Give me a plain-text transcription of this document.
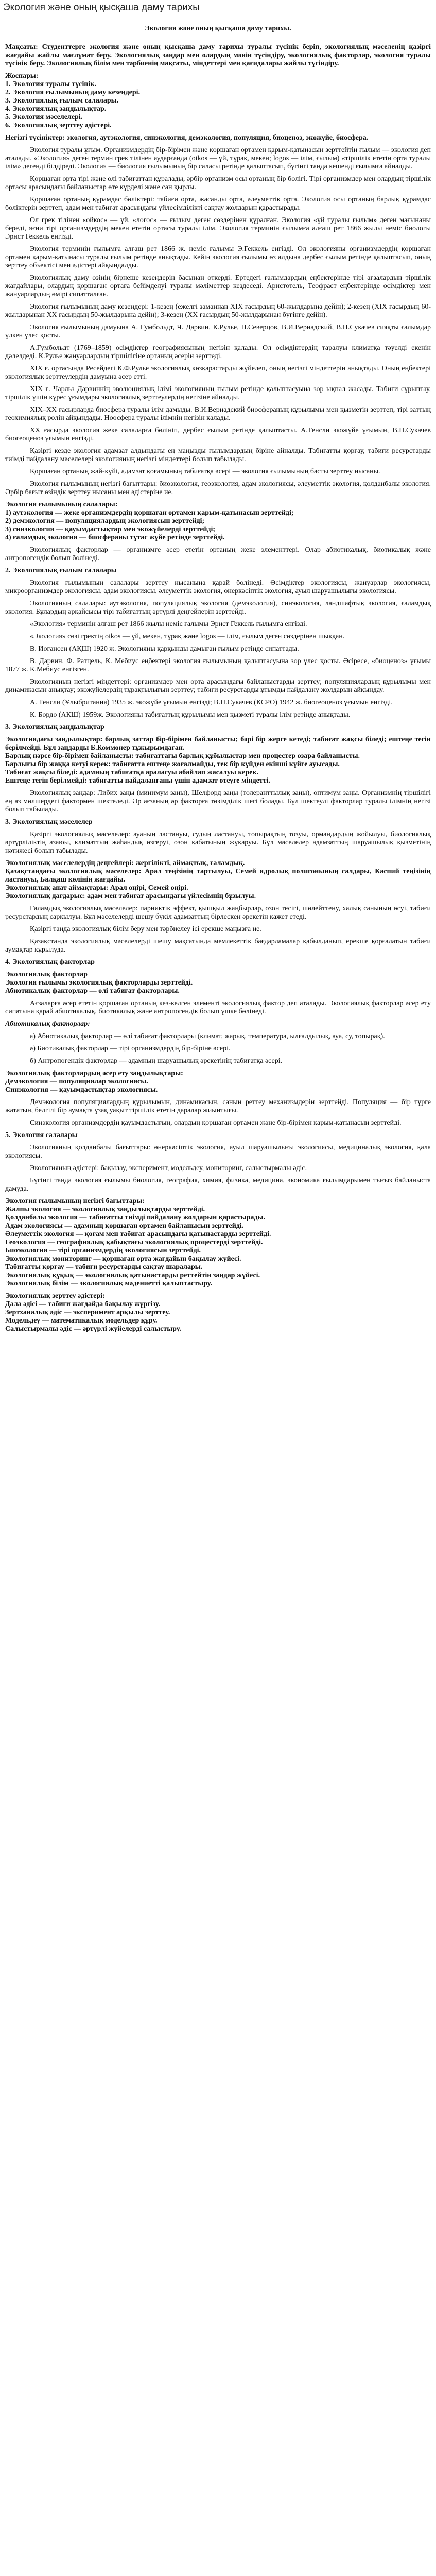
Экология және оның қысқаша даму тарихы
Экология және оның қысқаша даму тарихы.
Мақсаты: Студенттерге экология және оның қысқаша даму тарихы туралы түсінік беріп, экологиялық мәселенің қазіргі жағдайы жайлы мағлұмат беру. Экологиялық заңдар мен олардың мәнін түсіндіру, экологиялық факторлар, экология туралы түсінік беру. Экологиялық білім мен тәрбиенің мақсаты, міндеттері мен қағидалары жайлы түсіндіру.
Жоспары:
1. Экология туралы түсінік.
2. Экология ғылымының даму кезеңдері.
3. Экологиялық ғылым салалары.
4. Экологиялық заңдылықтар.
5. Экология мәселелері.
6. Экологиялық зерттеу әдістері.
Негізгі түсініктер: экология, аутэкология, синэкология, демэкология, популяция, биоценоз, экожүйе, биосфера.
Экология туралы ұғым. Организмдердің бір-бірімен және қоршаған ортамен қарым-қатынасын зерттейтін ғылым — экология деп аталады. «Экология» деген термин грек тілінен аударғанда (oikos — үй, тұрақ, мекен; logos — ілім, ғылым) «тіршілік ететін орта туралы ілім» дегенді білдіреді. Экология — биология ғылымының бір саласы ретінде қалыптасып, бүгінгі таңда кешенді ғылымға айналды.
Қоршаған орта тірі және өлі табиғаттан құралады, әрбір организм осы ортаның бір бөлігі. Тірі организмдер мен олардың тіршілік ортасы арасындағы байланыстар өте күрделі және сан қырлы.
Қоршаған ортаның құрамдас бөліктері: табиғи орта, жасанды орта, әлеуметтік орта. Экология осы ортаның барлық құрамдас бөліктерін зерттеп, адам мен табиғат арасындағы үйлесімділікті сақтау жолдарын қарастырады.
Ол грек тілінен «ойкос» — үй, «логос» — ғылым деген сөздерінен құралған. Экология «үй туралы ғылым» деген мағынаны береді, яғни тірі организмдердің мекен ететін ортасы туралы ілім. Экология терминін ғылымға алғаш рет 1866 жылы неміс биологы Эрнст Геккель енгізді.
Экология терминін ғылымға алғаш рет 1866 ж. неміс ғалымы Э.Геккель енгізді. Ол экологияны организмдердің қоршаған ортамен қарым-қатынасы туралы ғылым ретінде анықтады. Кейін экология ғылымы өз алдына дербес ғылым ретінде қалыптасып, оның зерттеу объектісі мен әдістері айқындалды.
Экологиялық даму өзінің бірнеше кезеңдерін басынан өткерді. Ертедегі ғалымдардың еңбектерінде тірі ағзалардың тіршілік жағдайлары, олардың қоршаған ортаға бейімделуі туралы мәліметтер кездеседі. Аристотель, Теофраст еңбектерінде өсімдіктер мен жануарлардың өмірі сипатталған.
Экология ғылымының даму кезеңдері: 1-кезең (ежелгі заманнан XIX ғасырдың 60-жылдарына дейін); 2-кезең (XIX ғасырдың 60-жылдарынан XX ғасырдың 50-жылдарына дейін); 3-кезең (XX ғасырдың 50-жылдарынан бүгінге дейін).
Экология ғылымының дамуына А. Гумбольдт, Ч. Дарвин, К.Рулье, Н.Северцов, В.И.Вернадский, В.Н.Сукачев сияқты ғалымдар үлкен үлес қосты.
А.Гумбольдт (1769–1859) өсімдіктер географиясының негізін қалады. Ол өсімдіктердің таралуы климатқа тәуелді екенін дәлелдеді. К.Рулье жануарлардың тіршілігіне ортаның әсерін зерттеді.
XIX ғ. ортасында Ресейдегі К.Ф.Рулье экологиялық көзқарастарды жүйелеп, оның негізгі міндеттерін анықтады. Оның еңбектері экологиялық зерттеулердің дамуына әсер етті.
XIX ғ. Чарльз Дарвиннің эволюциялық ілімі экологияның ғылым ретінде қалыптасуына зор ықпал жасады. Табиғи сұрыптау, тіршілік үшін күрес ұғымдары экологиялық зерттеулердің негізіне айналды.
XIX–XX ғасырларда биосфера туралы ілім дамыды. В.И.Вернадский биосфераның құрылымы мен қызметін зерттеп, тірі заттың геохимиялық рөлін айқындады. Ноосфера туралы ілімнің негізін қалады.
XX ғасырда экология жеке салаларға бөлініп, дербес ғылым ретінде қалыптасты. А.Тенсли экожүйе ұғымын, В.Н.Сукачев биогеоценоз ұғымын енгізді.
Қазіргі кезде экология адамзат алдындағы ең маңызды ғылымдардың біріне айналды. Табиғатты қорғау, табиғи ресурстарды тиімді пайдалану мәселелері экологияның негізгі міндеттері болып табылады.
Қоршаған ортаның жай-күйі, адамзат қоғамының табиғатқа әсері — экология ғылымының басты зерттеу нысаны.
Экология ғылымының негізгі бағыттары: биоэкология, геоэкология, адам экологиясы, әлеуметтік экология, қолданбалы экология. Әрбір бағыт өзіндік зерттеу нысаны мен әдістеріне ие.
Экология ғылымының салалары:
1) аутэкология — жеке организмдердің қоршаған ортамен қарым-қатынасын зерттейді;
2) демэкология — популяциялардың экологиясын зерттейді;
3) синэкология — қауымдастықтар мен экожүйелерді зерттейді;
4) ғаламдық экология — биосфераны тұтас жүйе ретінде зерттейді.
Экологиялық факторлар — организмге әсер ететін ортаның жеке элементтері. Олар абиотикалық, биотикалық және антропогендік болып бөлінеді.
2. Экологиялық ғылым салалары
Экология ғылымының салалары зерттеу нысанына қарай бөлінеді. Өсімдіктер экологиясы, жануарлар экологиясы, микроорганизмдер экологиясы, адам экологиясы, әлеуметтік экология, өнеркәсіптік экология, ауыл шаруашылығы экологиясы.
Экологияның салалары: аутэкология, популяциялық экология (демэкология), синэкология, ландшафтық экология, ғаламдық экология. Бұлардың әрқайсысы тірі табиғаттың әртүрлі деңгейлерін зерттейді.
«Экология» терминін алғаш рет 1866 жылы неміс ғалымы Эрнст Геккель ғылымға енгізді.
«Экология» сөзі гректің oikos — үй, мекен, тұрақ және logos — ілім, ғылым деген сөздерінен шыққан.
В. Иогансен (АҚШ) 1920 ж. Экологияны қарқынды дамыған ғылым ретінде сипаттады.
В. Дарвин, Ф. Ратцель, К. Мебиус еңбектері экология ғылымының қалыптасуына зор үлес қосты. Әсіресе, «биоценоз» ұғымы 1877 ж. К.Мебиус енгізген.
Экологияның негізгі міндеттері: организмдер мен орта арасындағы байланыстарды зерттеу; популяциялардың құрылымы мен динамикасын анықтау; экожүйелердің тұрақтылығын зерттеу; табиғи ресурстарды ұтымды пайдалану жолдарын айқындау.
А. Тенсли (Ұлыбритания) 1935 ж. экожүйе ұғымын енгізді; В.Н.Сукачев (КСРО) 1942 ж. биогеоценоз ұғымын енгізді.
К. Бордо (АҚШ) 1959ж. Экологияны табиғаттың құрылымы мен қызметі туралы ілім ретінде анықтады.
3. Экологиялық заңдылықтар
Экологиядағы заңдылықтар: барлық заттар бір-бірімен байланысты; бәрі бір жерге кетеді; табиғат жақсы біледі; ештеңе тегін берілмейді. Бұл заңдарды Б.Коммонер тұжырымдаған.
Барлық нәрсе бір-бірімен байланысты: табиғаттағы барлық құбылыстар мен процестер өзара байланысты.
Барлығы бір жаққа кетуі керек: табиғатта ештеңе жоғалмайды, тек бір күйден екінші күйге ауысады.
Табиғат жақсы біледі: адамның табиғатқа араласуы абайлап жасалуы керек.
Ештеңе тегін берілмейді: табиғатты пайдаланғаны үшін адамзат өтеуге міндетті.
Экологиялық заңдар: Либих заңы (минимум заңы), Шелфорд заңы (толеранттылық заңы), оптимум заңы. Организмнің тіршілігі ең аз мөлшердегі фактормен шектеледі. Әр ағзаның әр факторға төзімділік шегі болады. Бұл шектеулі факторлар туралы ілімнің негізі болып табылады.
3. Экологиялық мәселелер
Қазіргі экологиялық мәселелер: ауаның ластануы, судың ластануы, топырақтың тозуы, ормандардың жойылуы, биологиялық әртүрліліктің азаюы, климаттың жаһандық өзгеруі, озон қабатының жұқаруы. Бұл мәселелер адамзаттың шаруашылық қызметінің нәтижесі болып табылады.
Экологиялық мәселелердің деңгейлері: жергілікті, аймақтық, ғаламдық.
Қазақстандағы экологиялық мәселелер: Арал теңізінің тартылуы, Семей ядролық полигонының салдары, Каспий теңізінің ластануы, Балқаш көлінің жағдайы.
Экологиялық апат аймақтары: Арал өңірі, Семей өңірі.
Экологиялық дағдарыс: адам мен табиғат арасындағы үйлесімнің бұзылуы.
Ғаламдық экологиялық мәселелер: парниктік эффект, қышқыл жаңбырлар, озон тесігі, шөлейттену, халық санының өсуі, табиғи ресурстардың сарқылуы. Бұл мәселелерді шешу бүкіл адамзаттың бірлескен әрекетін қажет етеді.
Қазіргі таңда экологиялық білім беру мен тәрбиелеу ісі ерекше маңызға ие.
Қазақстанда экологиялық мәселелерді шешу мақсатында мемлекеттік бағдарламалар қабылданып, ерекше қорғалатын табиғи аумақтар құрылуда.
4. Экологиялық факторлар
Экологиялық факторлар
Экология ғылымы экологиялық факторларды зерттейді.
Абиотикалық факторлар — өлі табиғат факторлары.
Ағзаларға әсер ететін қоршаған ортаның кез-келген элементі экологиялық фактор деп аталады. Экологиялық факторлар әсер ету сипатына қарай абиотикалық, биотикалық және антропогендік болып үшке бөлінеді.
Абиотикалық факторлар:
а) Абиотикалық факторлар — өлі табиғат факторлары (климат, жарық, температура, ылғалдылық, ауа, су, топырақ).
ә) Биотикалық факторлар — тірі организмдердің бір-біріне әсері.
б) Антропогендік факторлар — адамның шаруашылық әрекетінің табиғатқа әсері.
Экологиялық факторлардың әсер ету заңдылықтары:
Демэкология — популяциялар экологиясы.
Синэкология — қауымдастықтар экологиясы.
Демэкология популяциялардың құрылымын, динамикасын, санын реттеу механизмдерін зерттейді. Популяция — бір түрге жататын, белгілі бір аумақта ұзақ уақыт тіршілік ететін даралар жиынтығы.
Синэкология организмдердің қауымдастығын, олардың қоршаған ортамен және бір-бірімен қарым-қатынасын зерттейді.
5. Экология салалары
Экологияның қолданбалы бағыттары: өнеркәсіптік экология, ауыл шаруашылығы экологиясы, медициналық экология, қала экологиясы.
Экологияның әдістері: бақылау, эксперимент, модельдеу, мониторинг, салыстырмалы әдіс.
Бүгінгі таңда экология ғылымы биология, география, химия, физика, медицина, экономика ғылымдарымен тығыз байланыста дамуда.
Экология ғылымының негізгі бағыттары:
Жалпы экология — экологиялық заңдылықтарды зерттейді.
Қолданбалы экология — табиғатты тиімді пайдалану жолдарын қарастырады.
Адам экологиясы — адамның қоршаған ортамен байланысын зерттейді.
Әлеуметтік экология — қоғам мен табиғат арасындағы қатынастарды зерттейді.
Геоэкология — географиялық қабықтағы экологиялық процестерді зерттейді.
Биоэкология — тірі организмдердің экологиясын зерттейді.
Экологиялық мониторинг — қоршаған орта жағдайын бақылау жүйесі.
Табиғатты қорғау — табиғи ресурстарды сақтау шаралары.
Экологиялық құқық — экологиялық қатынастарды реттейтін заңдар жүйесі.
Экологиялық білім — экологиялық мәдениетті қалыптастыру.
Экологиялық зерттеу әдістері:
Дала әдісі — табиғи жағдайда бақылау жүргізу.
Зертханалық әдіс — эксперимент арқылы зерттеу.
Модельдеу — математикалық модельдер құру.
Салыстырмалы әдіс — әртүрлі жүйелерді салыстыру.
